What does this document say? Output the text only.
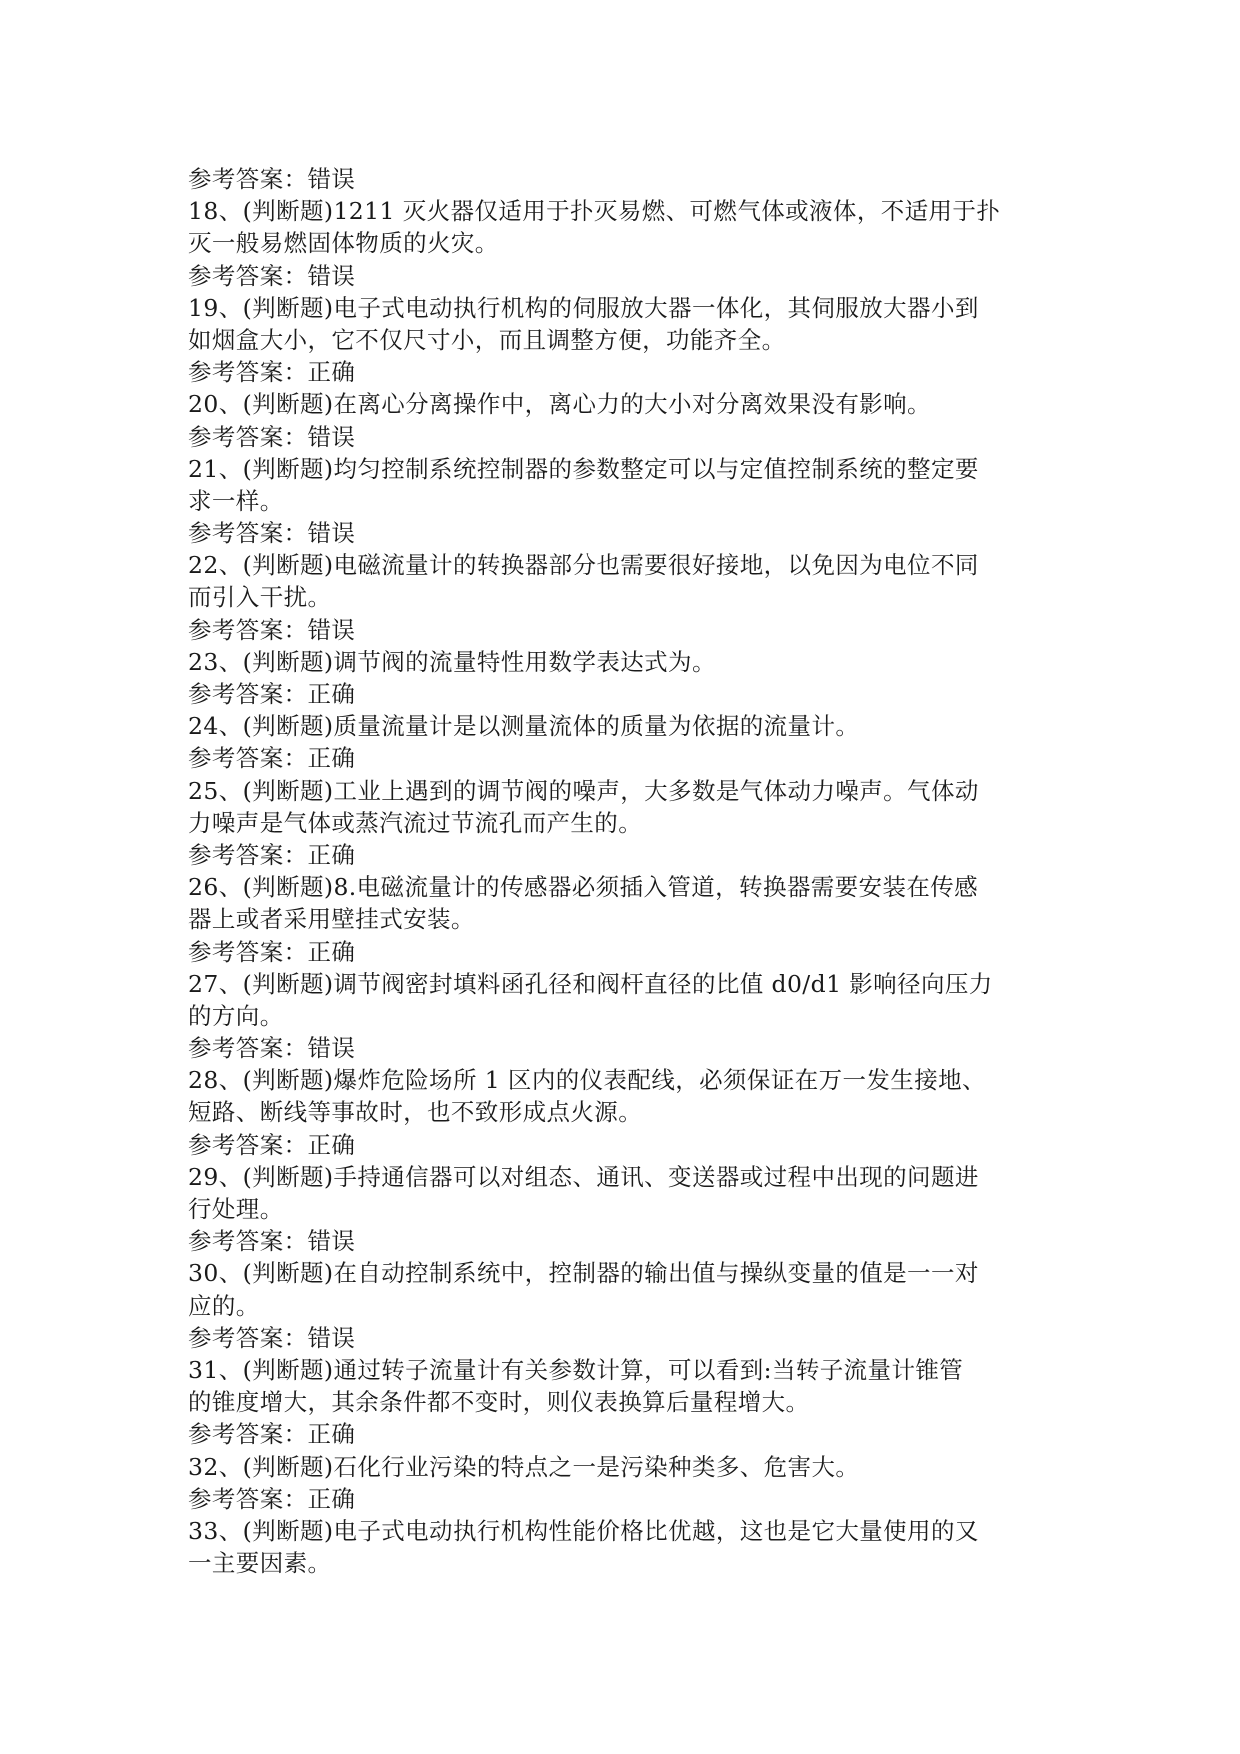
参考答案：错误
18、(判断题)1211 灭火器仅适用于扑灭易燃、可燃气体或液体，不适用于扑
灭一般易燃固体物质的火灾。
参考答案：错误
19、(判断题)电子式电动执行机构的伺服放大器一体化，其伺服放大器小到
如烟盒大小，它不仅尺寸小，而且调整方便，功能齐全。
参考答案：正确
20、(判断题)在离心分离操作中，离心力的大小对分离效果没有影响。
参考答案：错误
21、(判断题)均匀控制系统控制器的参数整定可以与定值控制系统的整定要
求一样。
参考答案：错误
22、(判断题)电磁流量计的转换器部分也需要很好接地，以免因为电位不同
而引入干扰。
参考答案：错误
23、(判断题)调节阀的流量特性用数学表达式为。
参考答案：正确
24、(判断题)质量流量计是以测量流体的质量为依据的流量计。
参考答案：正确
25、(判断题)工业上遇到的调节阀的噪声，大多数是气体动力噪声。气体动
力噪声是气体或蒸汽流过节流孔而产生的。
参考答案：正确
26、(判断题)8.电磁流量计的传感器必须插入管道，转换器需要安装在传感
器上或者采用壁挂式安装。
参考答案：正确
27、(判断题)调节阀密封填料函孔径和阀杆直径的比值 d0/d1 影响径向压力
的方向。
参考答案：错误
28、(判断题)爆炸危险场所 1 区内的仪表配线，必须保证在万一发生接地、
短路、断线等事故时，也不致形成点火源。
参考答案：正确
29、(判断题)手持通信器可以对组态、通讯、变送器或过程中出现的问题进
行处理。
参考答案：错误
30、(判断题)在自动控制系统中，控制器的输出值与操纵变量的值是一一对
应的。
参考答案：错误
31、(判断题)通过转子流量计有关参数计算，可以看到:当转子流量计锥管
的锥度增大，其余条件都不变时，则仪表换算后量程增大。
参考答案：正确
32、(判断题)石化行业污染的特点之一是污染种类多、危害大。
参考答案：正确
33、(判断题)电子式电动执行机构性能价格比优越，这也是它大量使用的又
一主要因素。
